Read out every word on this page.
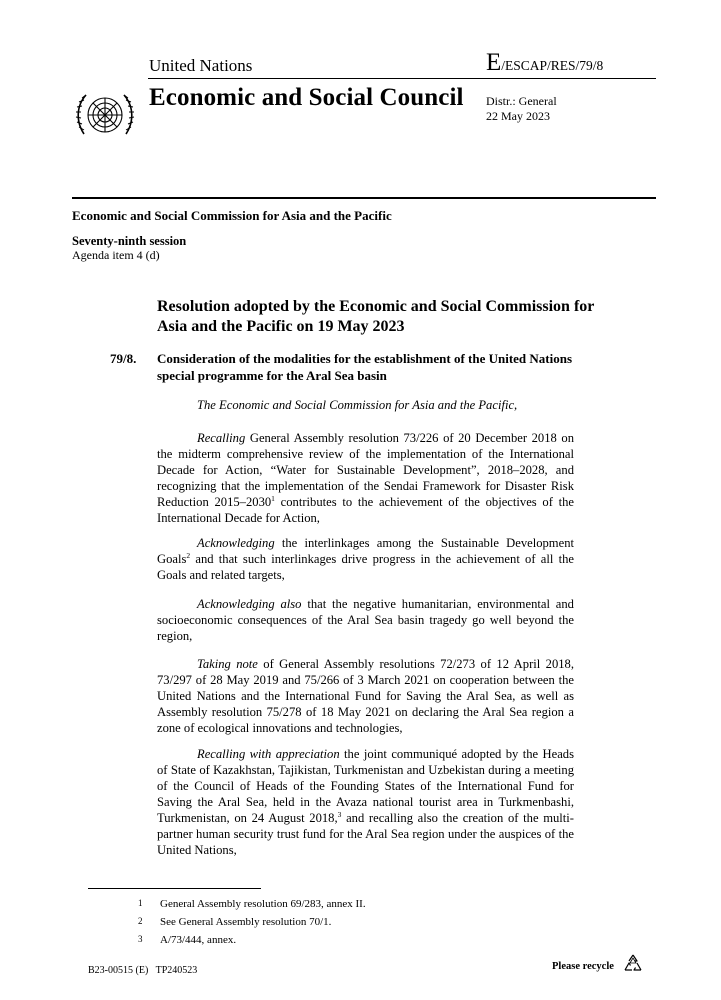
United Nations	E/ESCAP/RES/79/8
Economic and Social Council Distr.: General
22 May 2023
Economic and Social Commission for Asia and the Pacific
Seventy-ninth session
Agenda item 4 (d)
Resolution adopted by the Economic and Social Commission for Asia and the Pacific on 19 May 2023
79/8. Consideration of the modalities for the establishment of the United Nations special programme for the Aral Sea basin
The Economic and Social Commission for Asia and the Pacific,
Recalling General Assembly resolution 73/226 of 20 December 2018 on the midterm comprehensive review of the implementation of the International Decade for Action, “Water for Sustainable Development”, 2018–2028, and recognizing that the implementation of the Sendai Framework for Disaster Risk Reduction 2015–2030$^1$ contributes to the achievement of the objectives of the International Decade for Action,
Acknowledging the interlinkages among the Sustainable Development Goals$^2$ and that such interlinkages drive progress in the achievement of all the Goals and related targets,
Acknowledging also that the negative humanitarian, environmental and socioeconomic consequences of the Aral Sea basin tragedy go well beyond the region,
Taking note of General Assembly resolutions 72/273 of 12 April 2018, 73/297 of 28 May 2019 and 75/266 of 3 March 2021 on cooperation between the United Nations and the International Fund for Saving the Aral Sea, as well as Assembly resolution 75/278 of 18 May 2021 on declaring the Aral Sea region a zone of ecological innovations and technologies,
Recalling with appreciation the joint communiqué adopted by the Heads of State of Kazakhstan, Tajikistan, Turkmenistan and Uzbekistan during a meeting of the Council of Heads of the Founding States of the International Fund for Saving the Aral Sea, held in the Avaza national tourist area in Turkmenbashi, Turkmenistan, on 24 August 2018,$^3$ and recalling also the creation of the multi-partner human security trust fund for the Aral Sea region under the auspices of the United Nations,
1 General Assembly resolution 69/283, annex II.
2 See General Assembly resolution 70/1.
3 A/73/444, annex.
B23-00515 (E)   TP240523	Please recycle
